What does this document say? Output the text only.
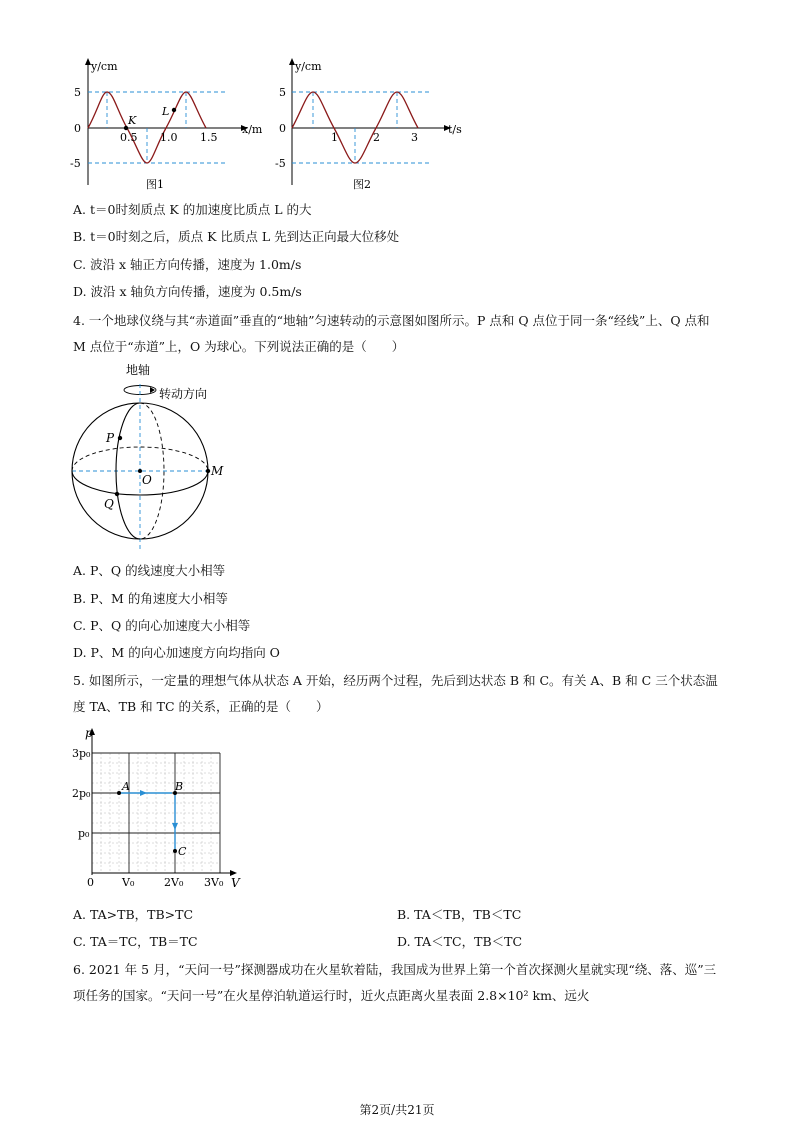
y/cm
x/m
5
0
-5
0.5 1.0 1.5
K
L
图1
y/cm
t/s
5
0
-5
1	2	3
图2
A. t＝0时刻质点 K 的加速度比质点 L 的大
B. t＝0时刻之后，质点 K 比质点 L 先到达正向最大位移处
C. 波沿 x 轴正方向传播，速度为 1.0m/s
D. 波沿 x 轴负方向传播，速度为 0.5m/s
4. 一个地球仪绕与其“赤道面”垂直的“地轴”匀速转动的示意图如图所示。P 点和 Q 点位于同一条“经线”上、Q 点和 M 点位于“赤道”上，O 为球心。下列说法正确的是（　　）
地轴
转动方向
P
Q
M
O
A. P、Q 的线速度大小相等
B. P、M 的角速度大小相等
C. P、Q 的向心加速度大小相等
D. P、M 的向心加速度方向均指向 O
5. 如图所示，一定量的理想气体从状态 A 开始，经历两个过程，先后到达状态 B 和 C。有关 A、B 和 C 三个状态温度 TA、TB 和 TC 的关系，正确的是（　　）
p
V
0
3p₀
2p₀
p₀
V₀	2V₀ 3V₀
A	B
C
A. TA>TB，TB>TC	B. TA＜TB，TB＜TC
C. TA＝TC，TB＝TC	D. TA＜TC，TB＜TC
6. 2021 年 5 月，“天问一号”探测器成功在火星软着陆，我国成为世界上第一个首次探测火星就实现“绕、落、巡”三项任务的国家。“天问一号”在火星停泊轨道运行时，近火点距离火星表面 2.8×10² km、远火
第2页/共21页
